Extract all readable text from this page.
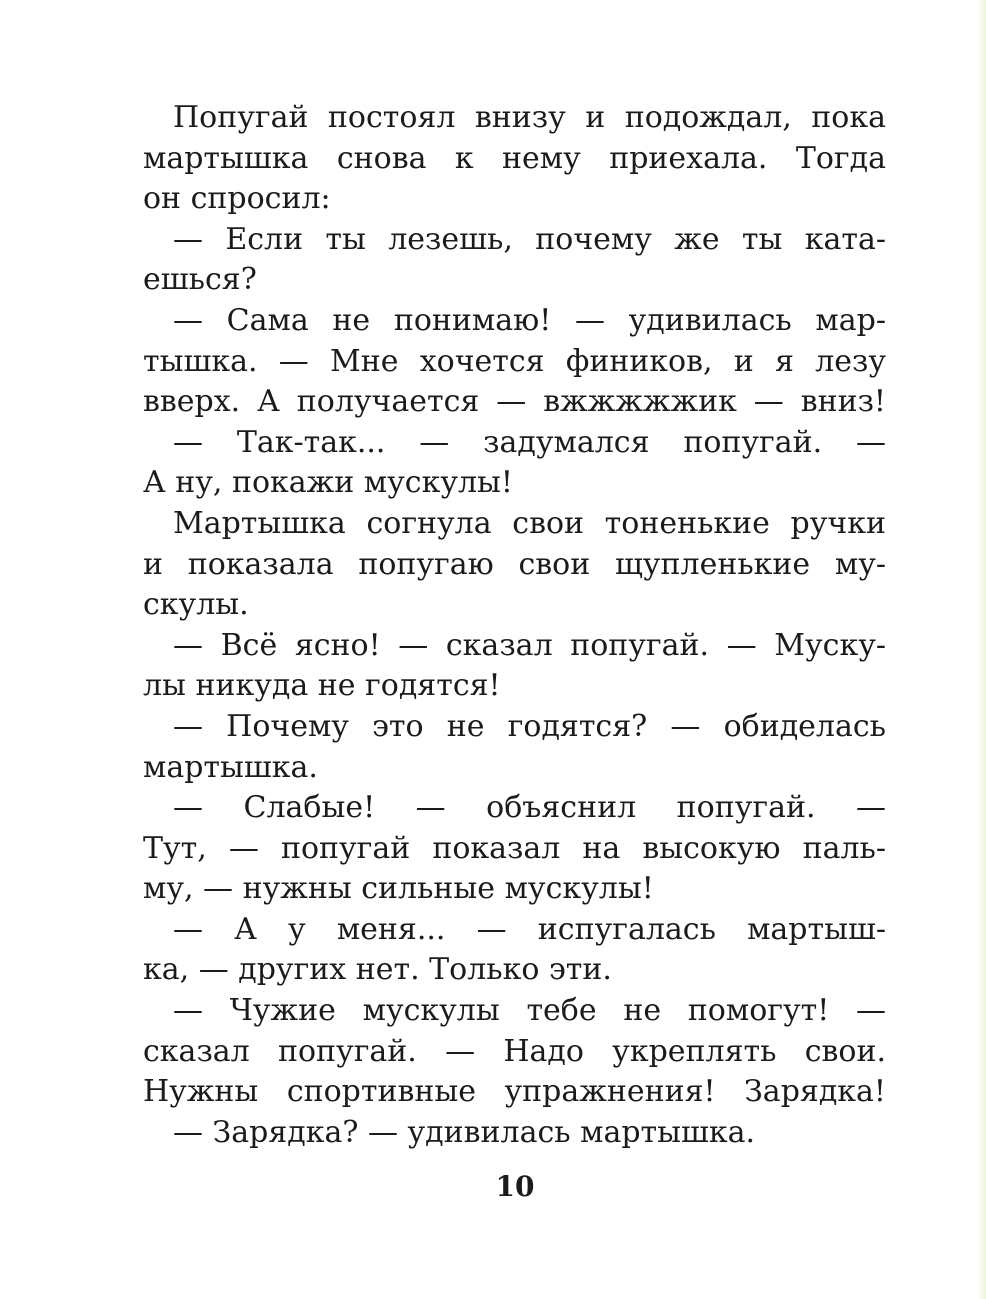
Попугай постоял внизу и подождал, пока
мартышка снова к нему приехала. Тогда
он спросил:
— Если ты лезешь, почему же ты ката-
ешься?
— Сама не понимаю! — удивилась мар-
тышка. — Мне хочется фиников, и я лезу
вверх. А получается — вжжжжжик — вниз!
— Так-так... — задумался попугай. —
А ну, покажи мускулы!
Мартышка согнула свои тоненькие ручки
и показала попугаю свои щупленькие му-
скулы.
— Всё ясно! — сказал попугай. — Муску-
лы никуда не годятся!
— Почему это не годятся? — обиделась
мартышка.
— Слабые! — объяснил попугай. —
Тут, — попугай показал на высокую паль-
му, — нужны сильные мускулы!
— А у меня... — испугалась мартыш-
ка, — других нет. Только эти.
— Чужие мускулы тебе не помогут! —
сказал попугай. — Надо укреплять свои.
Нужны спортивные упражнения! Зарядка!
— Зарядка? — удивилась мартышка.
10
